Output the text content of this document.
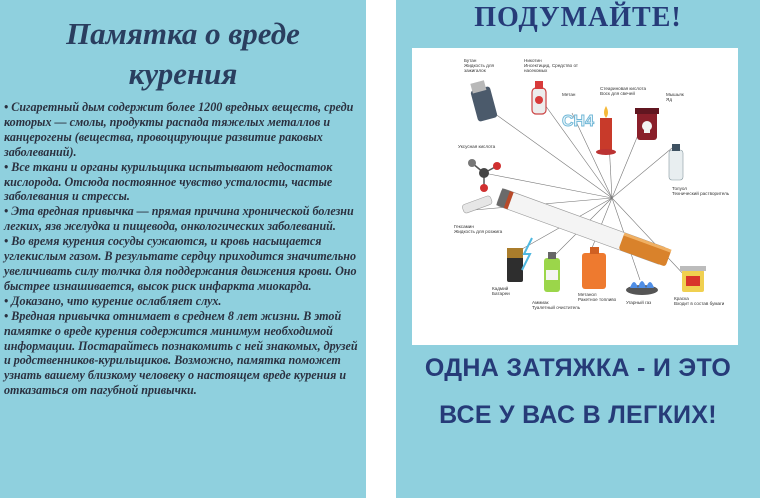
Памятка о вреде
курения

• Сигаретный дым содержит более 1200 вредных веществ, среди которых — смолы, продукты распада тяжелых металлов и канцерогены (вещества, провоцирующие развитие раковых заболеваний).

• Все ткани и органы курильщика испытывают недостаток кислорода. Отсюда постоянное чувство усталости, частые заболевания и стрессы.

• Эта вредная привычка — прямая причина хронической болезни легких, язв желудка и пищевода, онкологических заболеваний.

• Во время курения сосуды сужаются, и кровь насыщается углекислым газом. В результате сердцу приходится значительно увеличивать силу толчка для поддержания движения крови. Оно быстрее изнашивается, высок риск инфаркта миокарда.

• Доказано, что курение ослабляет слух.

• Вредная привычка отнимает в среднем 8 лет жизни. В этой памятке о вреде курения содержится минимум необходимой информации. Постарайтесь познакомить с ней знакомых, друзей и родственников-курильщиков. Возможно, памятка поможет узнать вашему близкому человеку о настоящем вреде курения и отказаться от пагубной привычки.

ПОДУМАЙТЕ!
CH4
Бутан
Жидкость для зажигалок
Никотин
Инсектицид. Средство от насекомых
Метан
Стеариновая кислота
Воск для свечей	Мышьяк
Яд
Уксусная кислота
Толуол
Технический растворитель
Гексамин
Жидкость для розжига
Кадмий
Батареи
Аммиак
Туалетный очиститель
Метанол
Ракетное топливо
Угарный газ
Краска
Входит в состав бумаги
ОДНА ЗАТЯЖКА - И ЭТО
ВСЕ У ВАС В ЛЕГКИХ!
